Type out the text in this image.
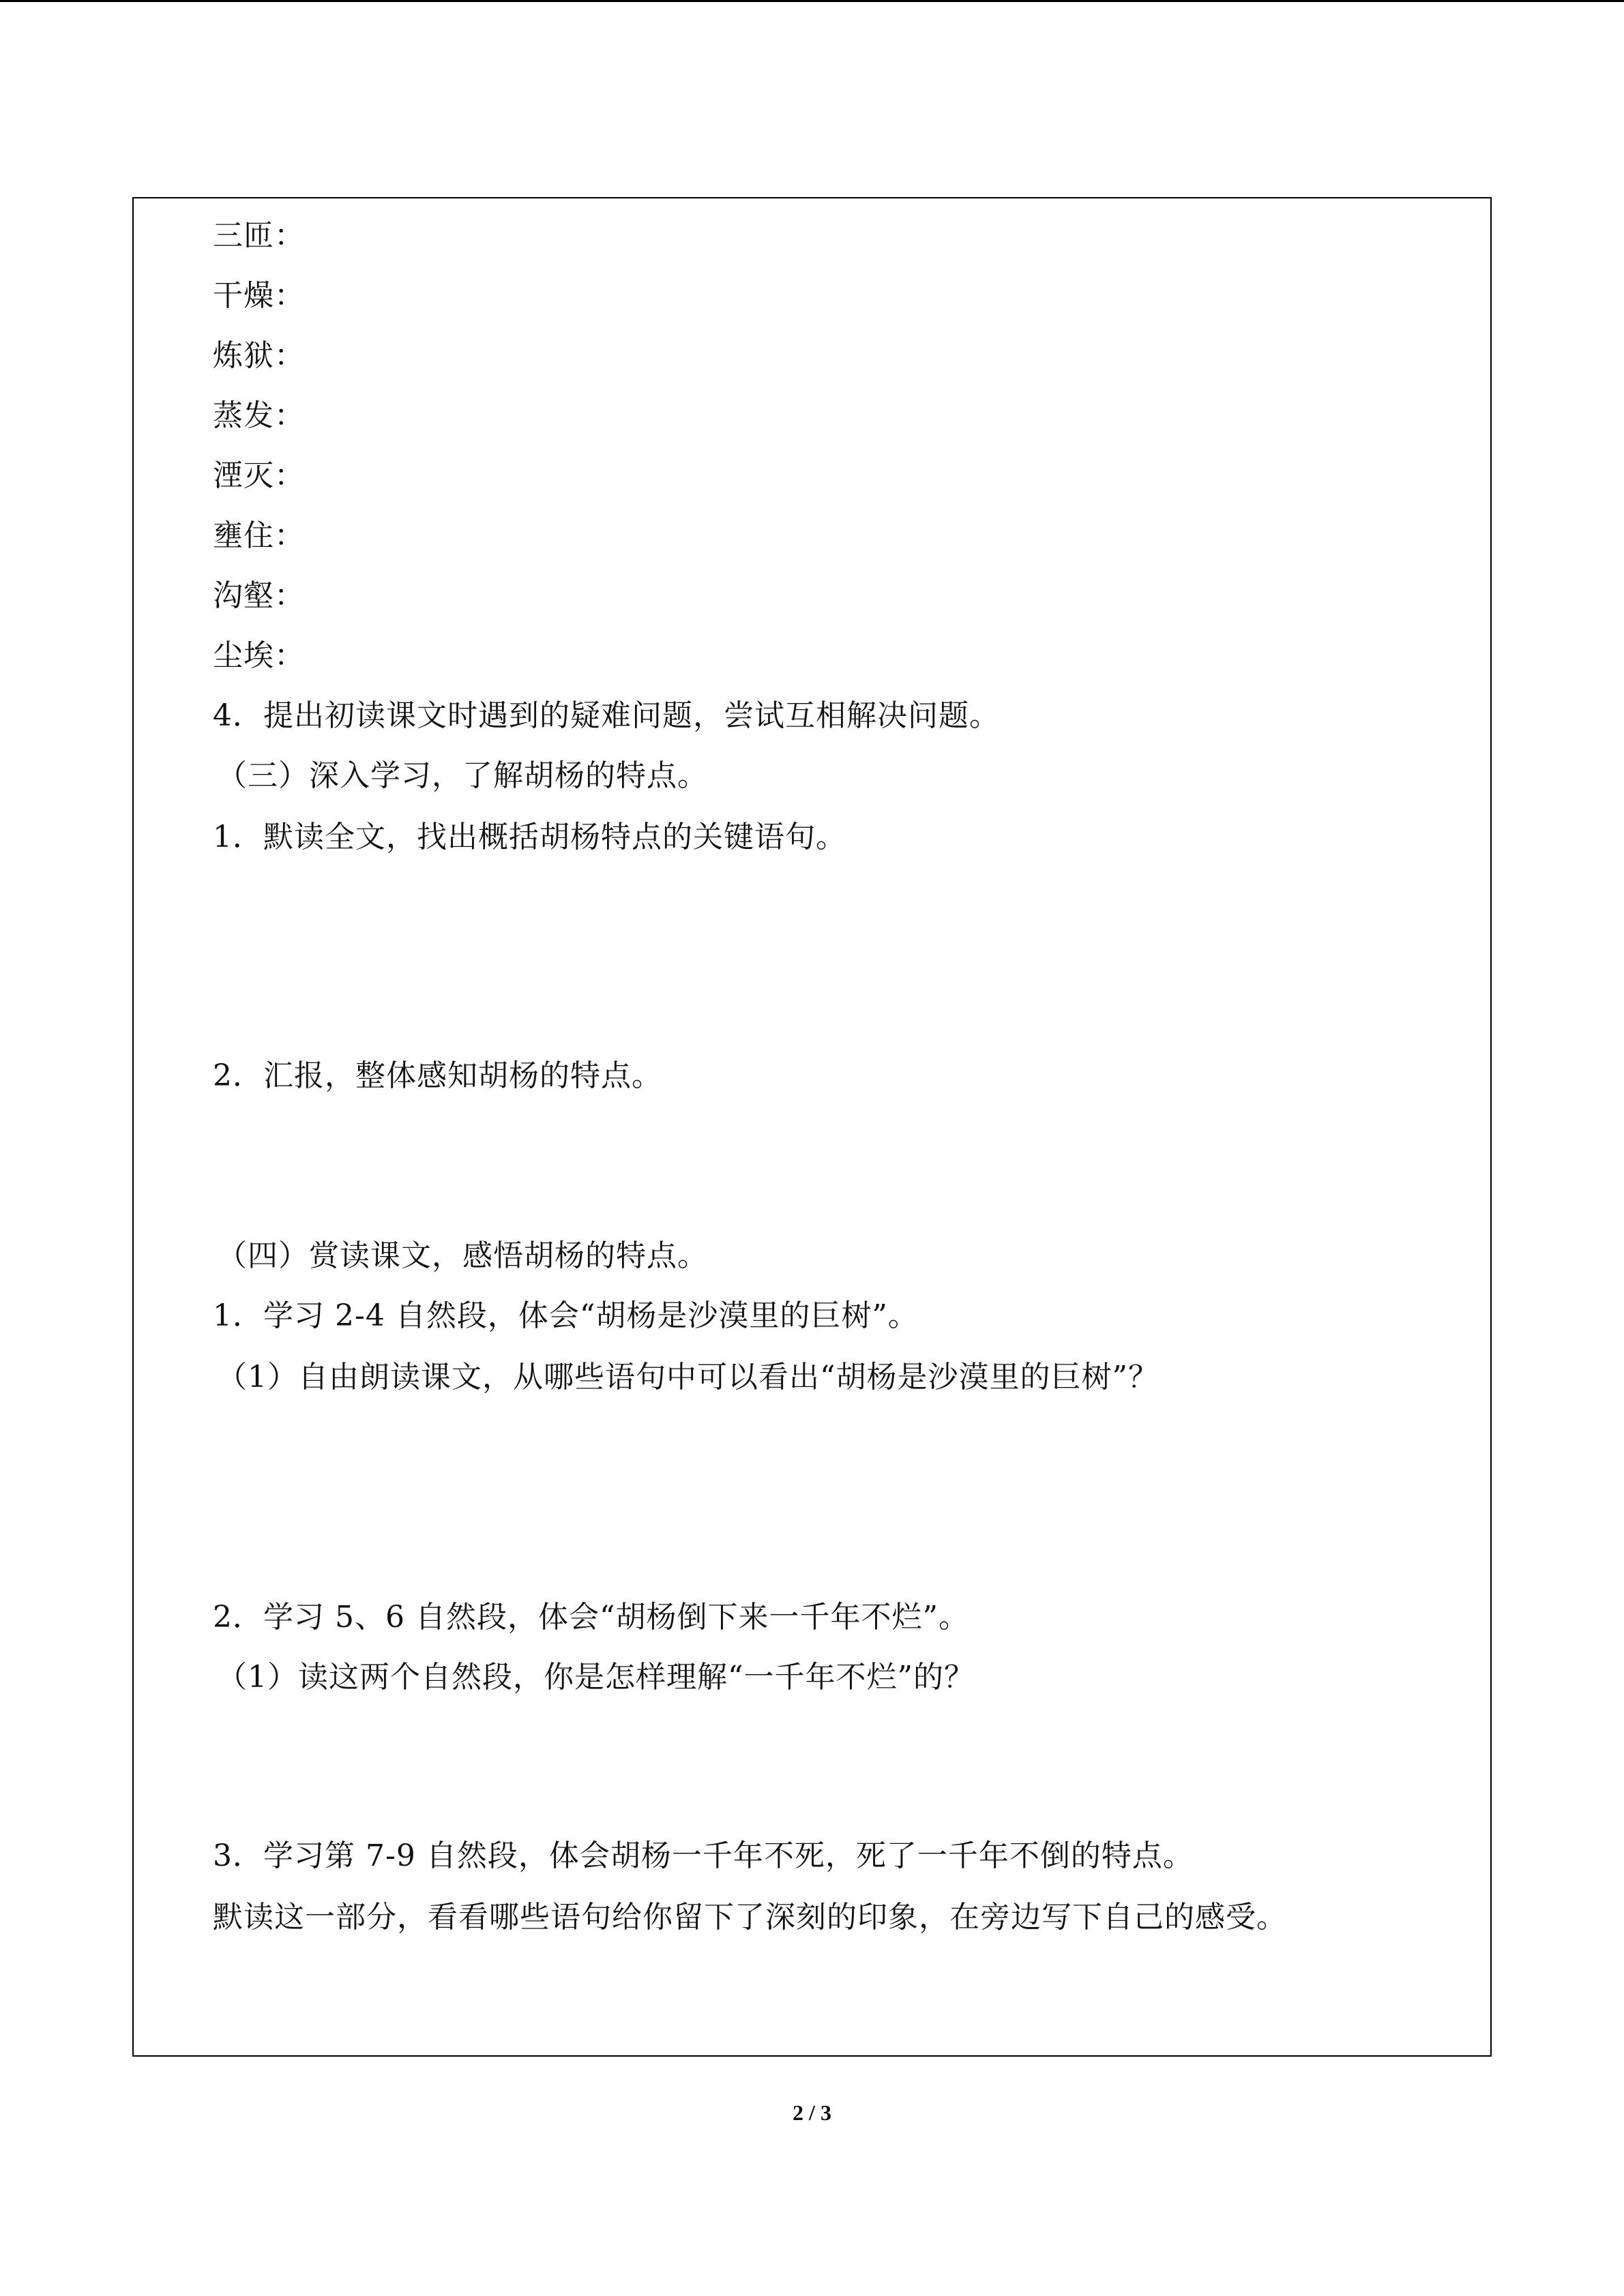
三匝：
干燥：
炼狱：
蒸发：
湮灭：
壅住：
沟壑：
尘埃：
4．提出初读课文时遇到的疑难问题，尝试互相解决问题。
（三）深入学习，了解胡杨的特点。
1．默读全文，找出概括胡杨特点的关键语句。
2．汇报，整体感知胡杨的特点。
（四）赏读课文，感悟胡杨的特点。
1．学习 2-4 自然段，体会“胡杨是沙漠里的巨树”。
（1）自由朗读课文，从哪些语句中可以看出“胡杨是沙漠里的巨树”？
2．学习 5、6 自然段，体会“胡杨倒下来一千年不烂”。
（1）读这两个自然段，你是怎样理解“一千年不烂”的？
3．学习第 7-9 自然段，体会胡杨一千年不死，死了一千年不倒的特点。
默读这一部分，看看哪些语句给你留下了深刻的印象，在旁边写下自己的感受。
2 / 3
